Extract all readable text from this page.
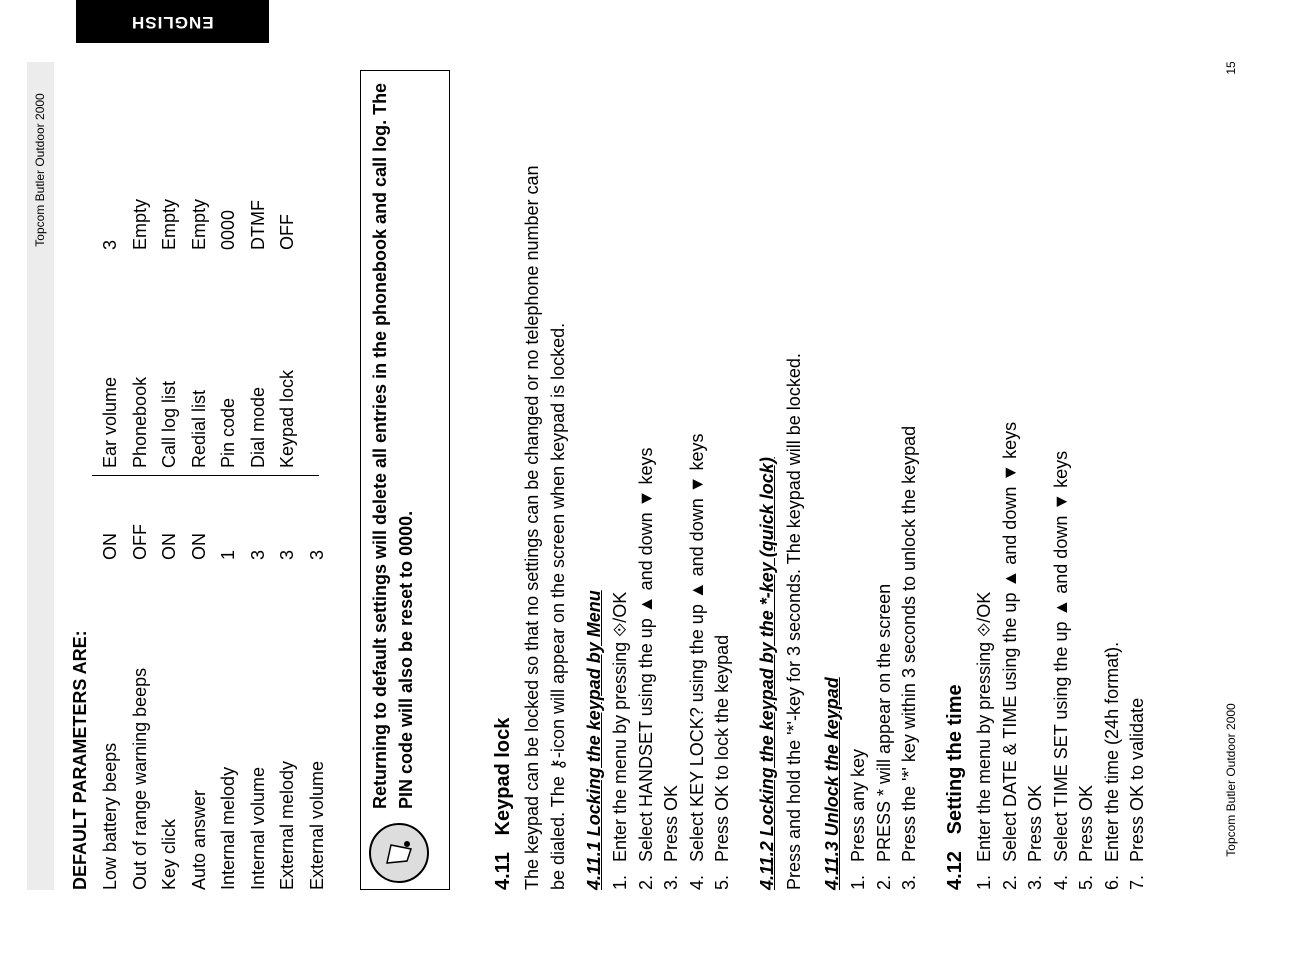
Topcom Butler Outdoor 2000
ENGLISH
15
Topcom Butler Outdoor 2000
DEFAULT PARAMETERS ARE:	Returning to default settings will delete all entries in the phonebook and call log. The PIN code will also be reset to 0000.
4.11   Keypad lock The keypad can be locked so that no settings can be changed or no telephone number can be dialed. The ⚷-icon will appear on the screen when keypad is locked. 4.11.1 Locking the keypad by Menu	4.11.2 Locking the keypad by the *-key (quick lock) Press and hold the '*'-key for 3 seconds. The keypad will be locked. 4.11.3 Unlock the keypad	4.12   Setting the time
Low battery beeps
ON
Out of range warning beeps
OFF
Key click
ON
Auto answer
ON
Internal melody
1
Internal volume
3
External melody
3
External volume
3
Ear volume
3
Phonebook
Empty
Call log list
Empty
Redial list
Empty
Pin code
0000
Dial mode
DTMF
Keypad lock
OFF
1.Enter the menu by pressing ⟐/OK
2.Select HANDSET using the up ▲ and down ▼ keys
3.Press OK
4.Select KEY LOCK? using the up ▲ and down ▼ keys
5.Press OK to lock the keypad
1.Press any key
2.PRESS * will appear on the screen
3.Press the '*' key within 3 seconds to unlock the keypad
1.Enter the menu by pressing ⟐/OK
2.Select DATE & TIME using the up ▲ and down ▼ keys
3.Press OK
4.Select TIME SET using the up ▲ and down ▼ keys
5.Press OK
6.Enter the time (24h format).
7.Press OK to validate
